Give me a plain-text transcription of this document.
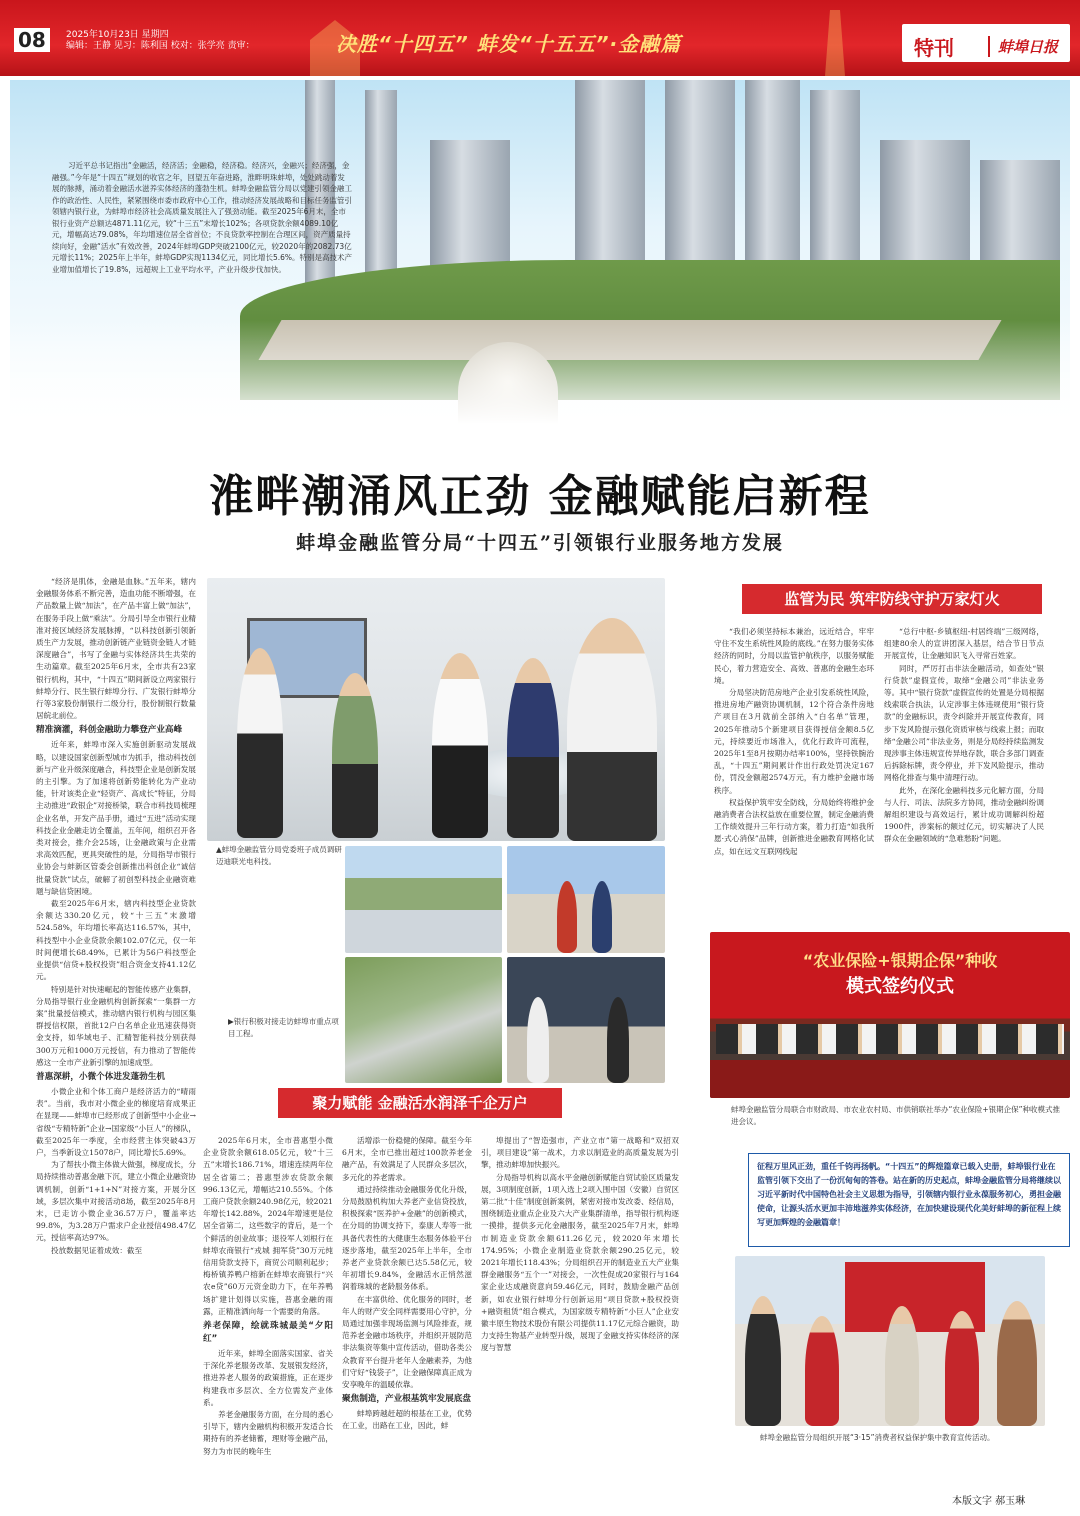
08	2025年10月23日 星期四
编辑：王静 见习：陈利国 校对：张学亮 责审：	决胜“十四五” 蚌发“十五五”·金融篇	特刊	蚌埠日报
习近平总书记指出“金融活，经济活；金融稳，经济稳。经济兴，金融兴；经济强，金融强。”今年是“十四五”规划的收官之年，回望五年奋进路，淮畔明珠蚌埠，处处跳动着发展的脉搏，涌动着金融活水滋养实体经济的蓬勃生机。蚌埠金融监管分局以党建引领金融工作的政治性、人民性，紧紧围绕市委市政府中心工作，推动经济发展战略和目标任务监管引领辖内银行业，为蚌埠市经济社会高质量发展注入了强劲动能。截至2025年6月末，全市银行业资产总额达4871.11亿元，较“十三五”末增长102%；各项贷款余额4089.10亿元，增幅高达79.08%，年均增速位居全省首位；不良贷款率控制在合理区间，资产质量持续向好，金融“活水”有效改善，2024年蚌埠GDP突破2100亿元，较2020年的2082.73亿元增长11%；2025年上半年，蚌埠GDP实现1134亿元，同比增长5.6%。特别是高技术产业增加值增长了19.8%，远超规上工业平均水平，产业升级步伐加快。
淮畔潮涌风正劲 金融赋能启新程
蚌埠金融监管分局“十四五”引领银行业服务地方发展

“经济是肌体，金融是血脉。”五年来，辖内金融服务体系不断完善，造血功能不断增强，在产品数量上做“加法”，在产品丰富上做“加法”，在服务手段上做“乘法”。分局引导全市银行业精准对接区域经济发展脉搏，“以科技创新引领新质生产力发展，推动创新链产业链资金链人才链深度融合”，书写了金融与实体经济共生共荣的生动篇章。截至2025年6月末，全市共有23家银行机构，其中，“十四五”期间新设立两家银行蚌埠分行、民生银行蚌埠分行、广发银行蚌埠分行等3家股份制银行二级分行，股份制银行数量居皖北前位。

精准滴灌，科创金融助力攀登产业高峰

近年来，蚌埠市深入实施创新驱动发展战略，以建设国家创新型城市为抓手，推动科技创新与产业升级深度融合，科技型企业是创新发展的主引擎。为了加速将创新势能转化为产业动能，针对该类企业“轻资产、高成长”特征，分局主动推进“政银企”对接桥梁，联合市科技局梳理企业名单，开发产品手册，通过“五进”活动实现科技企业金融走访全覆盖，五年间，组织召开各类对接会，推介会25场，让金融政策与企业需求高效匹配，更具突破性的是，分局指导市银行业协会与蚌新区管委会创新推出科创企业“诚信批量贷款”试点，破解了初创型科技企业融资难题与缺信贷困境。

截至2025年6月末，辖内科技型企业贷款余额达330.20亿元，较“十三五”末激增524.58%，年均增长率高达116.57%，其中，科技型中小企业贷款余额102.07亿元，仅一年时间便增长68.49%，已累计为56户科技型企业提供“信贷+股权投资”组合资金支持41.12亿元。

特别是针对快速崛起的智能传感产业集群，分局指导银行业金融机构创新探索“一集群一方案”批量授信模式，推动辖内银行机构与园区集群授信权限，首批12户白名单企业迅速获得资金支持，如华域电子、汇精智能科技分别获得300万元和1000万元授信，有力推动了智能传感这一全市产业新引擎的加速成型。

普惠深耕，小微个体进发蓬勃生机

小微企业和个体工商户是经济活力的“晴雨表”。当前，我市对小微企业的梯度培育成果正在显现——蚌埠市已经形成了创新型中小企业→省级“专精特新”企业→国家级“小巨人”的梯队，截至2025年一季度，全市经营主体突破43万户，当季新设立15078户，同比增长5.69%。

为了帮扶小微主体做大做强，梯度成长，分局持续推动普惠金融下沉，建立小微企业融资协调机制，创新“1+1+N”对接方案，开展分区域，多层次集中对接活动8场，截至2025年8月末，已走访小微企业36.57万户，覆盖率达99.8%，为3.28万户需求户企业授信498.47亿元，授信率高达97%。

投放数据见证着成效：截至

▲蚌埠金融监管分局党委班子成员调研迈迪联光电科技。
▶银行积极对接走访蚌埠市重点项目工程。
聚力赋能 金融活水润泽千企万户

2025年6月末，全市普惠型小微企业贷款余额618.05亿元，较“十三五”末增长186.71%，增速连续两年位居全省第二；普惠型涉农贷款余额996.13亿元，增幅达210.55%。个体工商户贷款余额240.98亿元，较2021年增长142.88%，2024年增速更是位居全省第二，这些数字的背后，是一个个鲜活的创业故事；退役军人刘根行在蚌埠农商银行“戎城 拥军贷”30万元纯信用贷款支持下，商贸公司顺利起步；梅桥镇养鸭户榕新在蚌埠农商银行“兴农e贷”60万元资金助力下，在年养鸭场扩建计划得以实施，普惠金融的雨露，正精准洒向每一个需要的角落。

养老保障，绘就珠城最美“夕阳红”

近年来，蚌埠全面落实国家、省关于深化养老服务改革、发展银发经济，推进养老人服务的政策措施，正在逐步构建我市多层次、全方位需发产业体系。

养老金融服务方面，在分局的悉心引导下，辖内金融机构积极开发适合长期持有的养老储蓄，理财等金融产品，努力为市民的晚年生

活增添一份稳健的保障。截至今年6月末，全市已推出超过100款养老金融产品，有效满足了人民群众多层次，多元化的养老需求。

通过持续推动金融服务优化升级，分局鼓励机构加大养老产业信贷投放，积极探索“医养护+金融”的创新模式，在分局的协调支持下，泰康人寿等一批具备代表性的大健康生态服务体验平台逐步落地，截至2025年上半年，全市养老产业贷款余额已达5.58亿元，较年初增长9.84%，金融活水正悄然滋润着珠城的老龄服务体系。

在丰富供给、优化服务的同时，老年人的财产安全同样需要用心守护，分局通过加强非现场监测与风险排查，规范养老金融市场秩序，并组织开展防范非法集资等集中宣传活动，借助各类公众教育平台提升老年人金融素养，为他们守好“钱袋子”，让金融保障真正成为安享晚年的温暖依靠。

聚焦制造，产业根基筑牢发展底盘

蚌埠跨越赶超的根基在工业，优势在工业，出路在工业，因此，蚌

埠提出了“智造强市，产业立市”第一战略和“双招双引，项目建设”第一战术，力求以制造业的高质量发展为引擎，推动蚌埠加快振兴。

分局指导机构以高水平金融创新赋能自贸试验区质量发展，3项制度创新，1项入选上2项入围中国（安徽）自贸区第二批“十佳”制度创新案例，紧密对接市发改委、经信局，围绕制造业重点企业及六大产业集群清单，指导银行机构逐一摸排，提供多元化金融服务，截至2025年7月末，蚌埠市制造业贷款余额611.26亿元，较2020年末增长174.95%；小微企业制造业贷款余额290.25亿元，较2021年增长118.43%；分局组织召开的制造业五大产业集群金融服务“五个一”对接会，一次性促成20家银行与164家企业达成融资意向59.46亿元，同时，鼓励金融产品创新，如农业银行蚌埠分行创新运用“项目贷款+股权投资+融资租赁”组合模式，为国家级专精特新“小巨人”企业安徽丰原生物技术股份有限公司提供11.17亿元综合融资，助力支持生物基产业转型升级，展现了金融支持实体经济的深度与智慧

监管为民 筑牢防线守护万家灯火

“我们必须坚持标本兼治，远近结合，牢牢守住不发生系统性风险的底线。”在努力服务实体经济的同时，分局以监管护航秩序，以服务赋能民心，着力营造安全、高效、普惠的金融生态环境。

分局坚决防范房地产企业引发系统性风险，推进房地产融资协调机制，12个符合条件房地产项目在3月就前全部纳入“白名单”管理，2025年推动5个新建项目获得授信金额8.5亿元，持续要近市场准入，优化行政许可流程，2025年1至8月按期办结率100%，坚持铁腕治乱，“十四五”期间累计作出行政处罚决定167份，罚没金额超2574万元，有力维护金融市场秩序。

权益保护筑牢安全防线，分局始终将维护金融消费者合法权益放在重要位置，制定金融消费工作绩效提升三年行动方案，着力打造“如我所愿·式心消保”品牌，创新推进金融教育网格化试点，如在远文互联网线起

“总行中枢-乡镇枢纽-村居终端”三级网络，组建80余人的宣讲团深入基层，结合节日节点开展宣传，让金融知识飞入寻常百姓家。

同时，严厉打击非法金融活动，如查处“银行贷款”虚假宣传，取缔“金融公司”非法业务等。其中“银行贷款”虚假宣传的处置是分局根据线索联合执法，认定涉事主体违规使用“银行贷款”的金融标识，责令纠除并开展宣传教育，同步下发风险提示强化资质审核与线索上报；而取缔“金融公司”非法业务，则是分局经持续监测发现涉事主体违规宣传异地存款，联合多部门调查后拆除标牌，责令停业，并下发风险提示，推动网格化排查与集中清理行动。

此外，在深化金融科技多元化解方面，分局与人行、司法、法院多方协同，推动金融纠纷调解组织建设与高效运行，累计成功调解纠纷超1900件，涉案标的额过亿元，切实解决了人民群众在金融领域的“急难愁盼”问题。

“农业保险+银期企保”种收
模式签约仪式
蚌埠金融监管分局联合市财政局、市农业农村局、市供销联社举办“农业保险+银期企保”种收模式推进会议。
征程万里风正劲，重任千钧再扬帆。“十四五”的辉煌篇章已载入史册，蚌埠银行业在监管引领下交出了一份沉甸甸的答卷。站在新的历史起点，蚌埠金融监管分局将继续以习近平新时代中国特色社会主义思想为指导，引领辖内银行业永葆服务初心，勇担金融使命，让源头活水更加丰沛地滋养实体经济，在加快建设现代化美好蚌埠的新征程上续写更加辉煌的金融篇章！
蚌埠金融监管分局组织开展“3·15”消费者权益保护集中教育宣传活动。
本版文字 郝玉琳
